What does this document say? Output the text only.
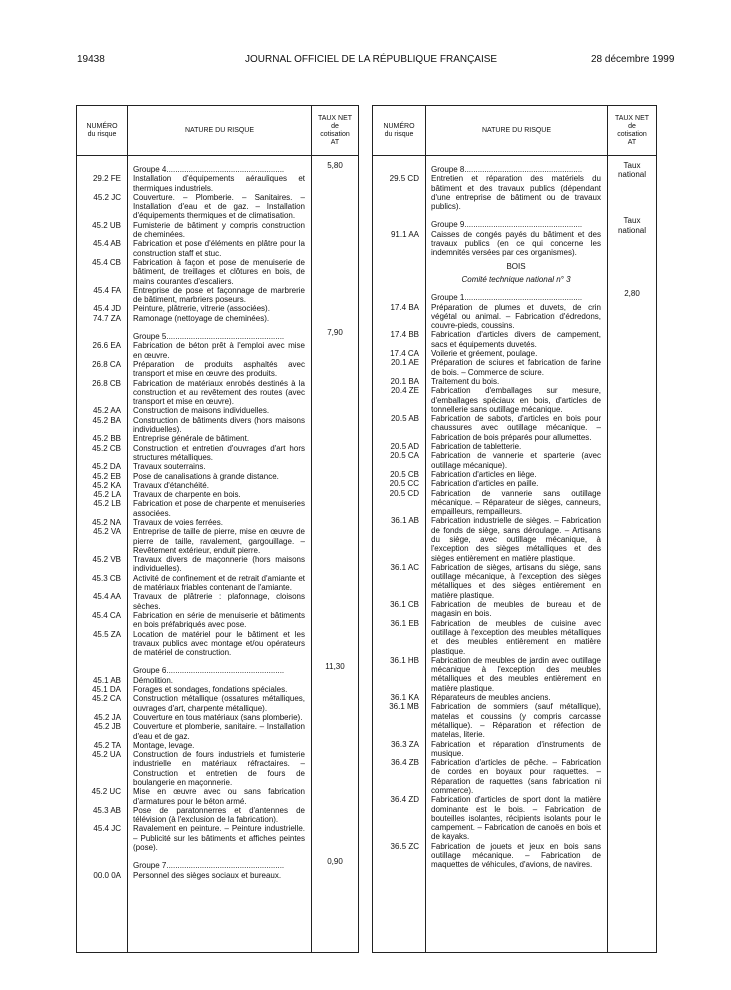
19438	JOURNAL OFFICIEL DE LA RÉPUBLIQUE FRANÇAISE	28 décembre 1999
NUMÉRO
du risque
NATURE DU RISQUE
TAUX NET
de
cotisation
AT
Groupe 4.....................................................	5,80
29.2 FE Installation d'équipements aérauliques et thermiques industriels.
45.2 JC Couverture. – Plomberie. – Sanitaires. – Installation d'eau et de gaz. – Installation d'équipements thermiques et de climatisation.
45.2 UB Fumisterie de bâtiment y compris construction de cheminées.
45.4 AB Fabrication et pose d'éléments en plâtre pour la construction staff et stuc.
45.4 CB Fabrication à façon et pose de menuiserie de bâtiment, de treillages et clôtures en bois, de mains courantes d'escaliers.
45.4 FA Entreprise de pose et façonnage de marbrerie de bâtiment, marbriers poseurs.
45.4 JD Peinture, plâtrerie, vitrerie (associées).
74.7 ZA Ramonage (nettoyage de cheminées).
Groupe 5.....................................................	7,90
26.6 EA Fabrication de béton prêt à l'emploi avec mise en œuvre.
26.8 CA Préparation de produits asphaltés avec transport et mise en œuvre des produits.
26.8 CB Fabrication de matériaux enrobés destinés à la construction et au revêtement des routes (avec transport et mise en œuvre).
45.2 AA Construction de maisons individuelles.
45.2 BA Construction de bâtiments divers (hors maisons individuelles).
45.2 BB Entreprise générale de bâtiment.
45.2 CB Construction et entretien d'ouvrages d'art hors structures métalliques.
45.2 DA Travaux souterrains.
45.2 EB Pose de canalisations à grande distance.
45.2 KA Travaux d'étanchéité.
45.2 LA Travaux de charpente en bois.
45.2 LB Fabrication et pose de charpente et menuiseries associées.
45.2 NA Travaux de voies ferrées.
45.2 VA Entreprise de taille de pierre, mise en œuvre de pierre de taille, ravalement, gargouillage. – Revêtement extérieur, enduit pierre.
45.2 VB Travaux divers de maçonnerie (hors maisons individuelles).
45.3 CB Activité de confinement et de retrait d'amiante et de matériaux friables contenant de l'amiante.
45.4 AA Travaux de plâtrerie : plafonnage, cloisons sèches.
45.4 CA Fabrication en série de menuiserie et bâtiments en bois préfabriqués avec pose.
45.5 ZA Location de matériel pour le bâtiment et les travaux publics avec montage et/ou opérateurs de matériel de construction.
Groupe 6.....................................................	11,30
45.1 AB Démolition.
45.1 DA Forages et sondages, fondations spéciales.
45.2 CA Construction métallique (ossatures métalliques, ouvrages d'art, charpente métallique).
45.2 JA Couverture en tous matériaux (sans plomberie).
45.2 JB Couverture et plomberie, sanitaire. – Installation d'eau et de gaz.
45.2 TA Montage, levage.
45.2 UA Construction de fours industriels et fumisterie industrielle en matériaux réfractaires. – Construction et entretien de fours de boulangerie en maçonnerie.
45.2 UC Mise en œuvre avec ou sans fabrication d'armatures pour le béton armé.
45.3 AB Pose de paratonnerres et d'antennes de télévision (à l'exclusion de la fabrication).
45.4 JC Ravalement en peinture. – Peinture industrielle. – Publicité sur les bâtiments et affiches peintes (pose).
Groupe 7.....................................................	0,90
00.0 0A Personnel des sièges sociaux et bureaux.
NUMÉRO
du risque
NATURE DU RISQUE
TAUX NET
de
cotisation
AT
Groupe 8.....................................................	Taux national
29.5 CD Entretien et réparation des matériels du bâtiment et des travaux publics (dépendant d'une entreprise de bâtiment ou de travaux publics).
Groupe 9.....................................................	Taux national
91.1 AA Caisses de congés payés du bâtiment et des travaux publics (en ce qui concerne les indemnités versées par ces organismes).
BOIS
Comité technique national n° 3
Groupe 1.....................................................	2,80
17.4 BA Préparation de plumes et duvets, de crin végétal ou animal. – Fabrication d'édredons, couvre-pieds, coussins.
17.4 BB Fabrication d'articles divers de campement, sacs et équipements duvetés.
17.4 CA Voilerie et gréement, poulage.
20.1 AE Préparation de sciures et fabrication de farine de bois. – Commerce de sciure.
20.1 BA Traitement du bois.
20.4 ZE Fabrication d'emballages sur mesure, d'emballages spéciaux en bois, d'articles de tonnellerie sans outillage mécanique.
20.5 AB Fabrication de sabots, d'articles en bois pour chaussures avec outillage mécanique. – Fabrication de bois préparés pour allumettes.
20.5 AD Fabrication de tabletterie.
20.5 CA Fabrication de vannerie et sparterie (avec outillage mécanique).
20.5 CB Fabrication d'articles en liège.
20.5 CC Fabrication d'articles en paille.
20.5 CD Fabrication de vannerie sans outillage mécanique. – Réparateur de sièges, canneurs, empailleurs, rempailleurs.
36.1 AB Fabrication industrielle de sièges. – Fabrication de fonds de siège, sans déroulage. – Artisans du siège, avec outillage mécanique, à l'exception des sièges métalliques et des sièges entièrement en matière plastique.
36.1 AC Fabrication de sièges, artisans du siège, sans outillage mécanique, à l'exception des sièges métalliques et des sièges entièrement en matière plastique.
36.1 CB Fabrication de meubles de bureau et de magasin en bois.
36.1 EB Fabrication de meubles de cuisine avec outillage à l'exception des meubles métalliques et des meubles entièrement en matière plastique.
36.1 HB Fabrication de meubles de jardin avec outillage mécanique à l'exception des meubles métalliques et des meubles entièrement en matière plastique.
36.1 KA Réparateurs de meubles anciens.
36.1 MB Fabrication de sommiers (sauf métallique), matelas et coussins (y compris carcasse métallique). – Réparation et réfection de matelas, literie.
36.3 ZA Fabrication et réparation d'instruments de musique.
36.4 ZB Fabrication d'articles de pêche. – Fabrication de cordes en boyaux pour raquettes. – Réparation de raquettes (sans fabrication ni commerce).
36.4 ZD Fabrication d'articles de sport dont la matière dominante est le bois. – Fabrication de bouteilles isolantes, récipients isolants pour le campement. – Fabrication de canoës en bois et de kayaks.
36.5 ZC Fabrication de jouets et jeux en bois sans outillage mécanique. – Fabrication de maquettes de véhicules, d'avions, de navires.
